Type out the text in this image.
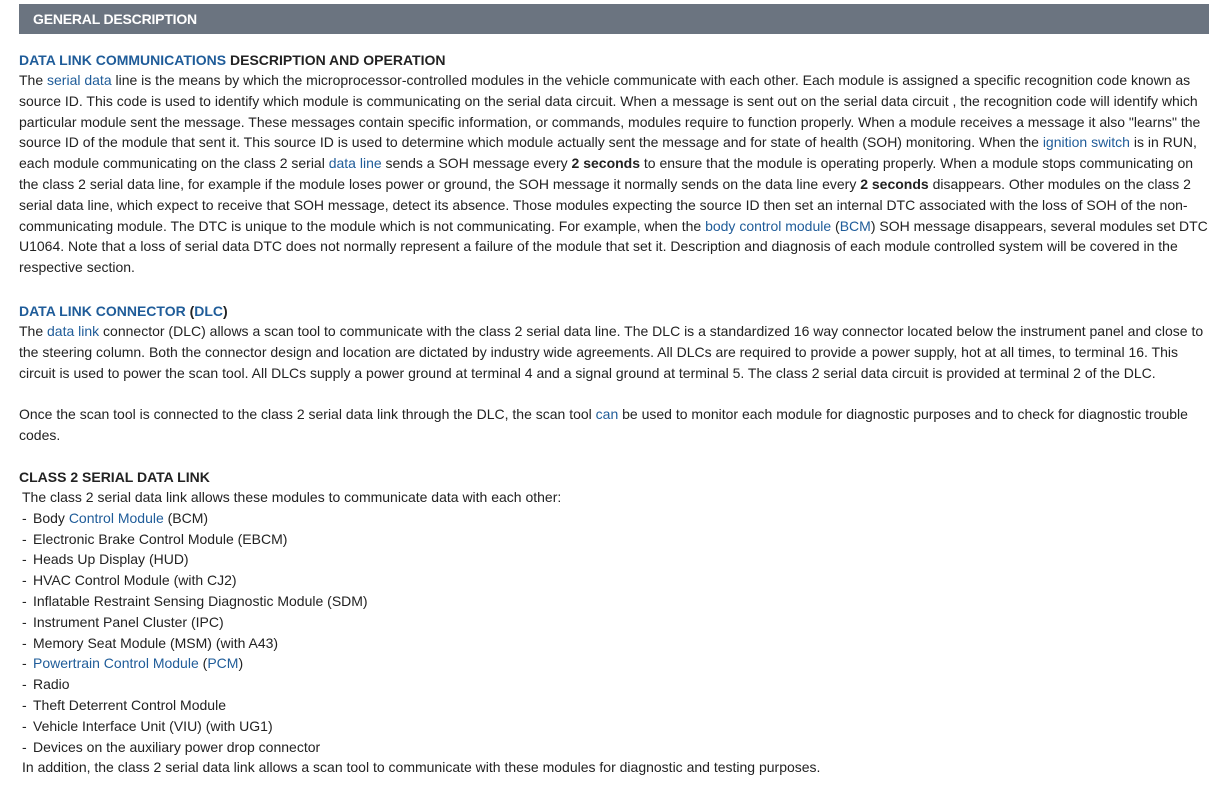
GENERAL DESCRIPTION

DATA LINK COMMUNICATIONS DESCRIPTION AND OPERATION

The serial data line is the means by which the microprocessor-controlled modules in the vehicle communicate with each other. Each module is assigned a specific recognition code known as source ID. This code is used to identify which module is communicating on the serial data circuit. When a message is sent out on the serial data circuit , the recognition code will identify which particular module sent the message. These messages contain specific information, or commands, modules require to function properly. When a module receives a message it also "learns" the source ID of the module that sent it. This source ID is used to determine which module actually sent the message and for state of health (SOH) monitoring. When the ignition switch is in RUN, each module communicating on the class 2 serial data line sends a SOH message every 2 seconds to ensure that the module is operating properly. When a module stops communicating on the class 2 serial data line, for example if the module loses power or ground, the SOH message it normally sends on the data line every 2 seconds disappears. Other modules on the class 2 serial data line, which expect to receive that SOH message, detect its absence. Those modules expecting the source ID then set an internal DTC associated with the loss of SOH of the non-communicating module. The DTC is unique to the module which is not communicating. For example, when the body control module (BCM) SOH message disappears, several modules set DTC U1064. Note that a loss of serial data DTC does not normally represent a failure of the module that set it. Description and diagnosis of each module controlled system will be covered in the respective section.

DATA LINK CONNECTOR (DLC)

The data link connector (DLC) allows a scan tool to communicate with the class 2 serial data line. The DLC is a standardized 16 way connector located below the instrument panel and close to the steering column. Both the connector design and location are dictated by industry wide agreements. All DLCs are required to provide a power supply, hot at all times, to terminal 16. This circuit is used to power the scan tool. All DLCs supply a power ground at terminal 4 and a signal ground at terminal 5. The class 2 serial data circuit is provided at terminal 2 of the DLC.

Once the scan tool is connected to the class 2 serial data link through the DLC, the scan tool can be used to monitor each module for diagnostic purposes and to check for diagnostic trouble codes.

CLASS 2 SERIAL DATA LINK

The class 2 serial data link allows these modules to communicate data with each other:

- Body Control Module (BCM)
- Electronic Brake Control Module (EBCM)
- Heads Up Display (HUD)
- HVAC Control Module (with CJ2)
- Inflatable Restraint Sensing Diagnostic Module (SDM)
- Instrument Panel Cluster (IPC)
- Memory Seat Module (MSM) (with A43)
- Powertrain Control Module (PCM)
- Radio
- Theft Deterrent Control Module
- Vehicle Interface Unit (VIU) (with UG1)
- Devices on the auxiliary power drop connector

In addition, the class 2 serial data link allows a scan tool to communicate with these modules for diagnostic and testing purposes.
